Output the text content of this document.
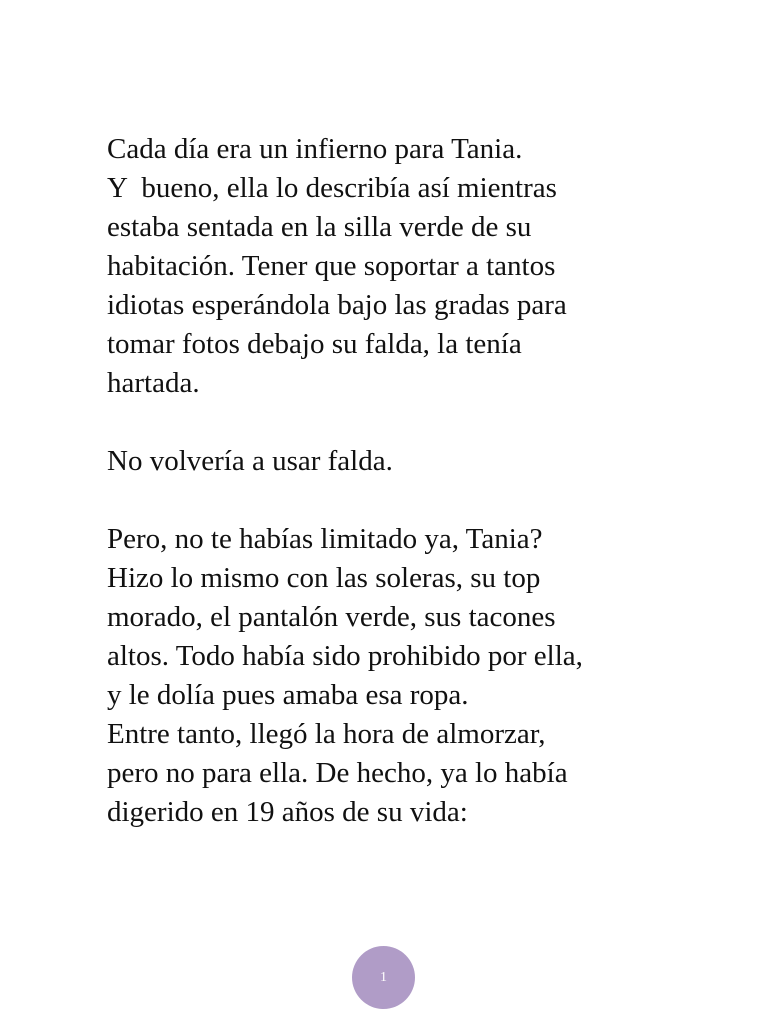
Cada día era un infierno para Tania.
Y  bueno, ella lo describía así mientras
estaba sentada en la silla verde de su
habitación. Tener que soportar a tantos
idiotas esperándola bajo las gradas para
tomar fotos debajo su falda, la tenía
hartada.
No volvería a usar falda.
Pero, no te habías limitado ya, Tania?
Hizo lo mismo con las soleras, su top
morado, el pantalón verde, sus tacones
altos. Todo había sido prohibido por ella,
y le dolía pues amaba esa ropa.
Entre tanto, llegó la hora de almorzar,
pero no para ella. De hecho, ya lo había
digerido en 19 años de su vida:
1
